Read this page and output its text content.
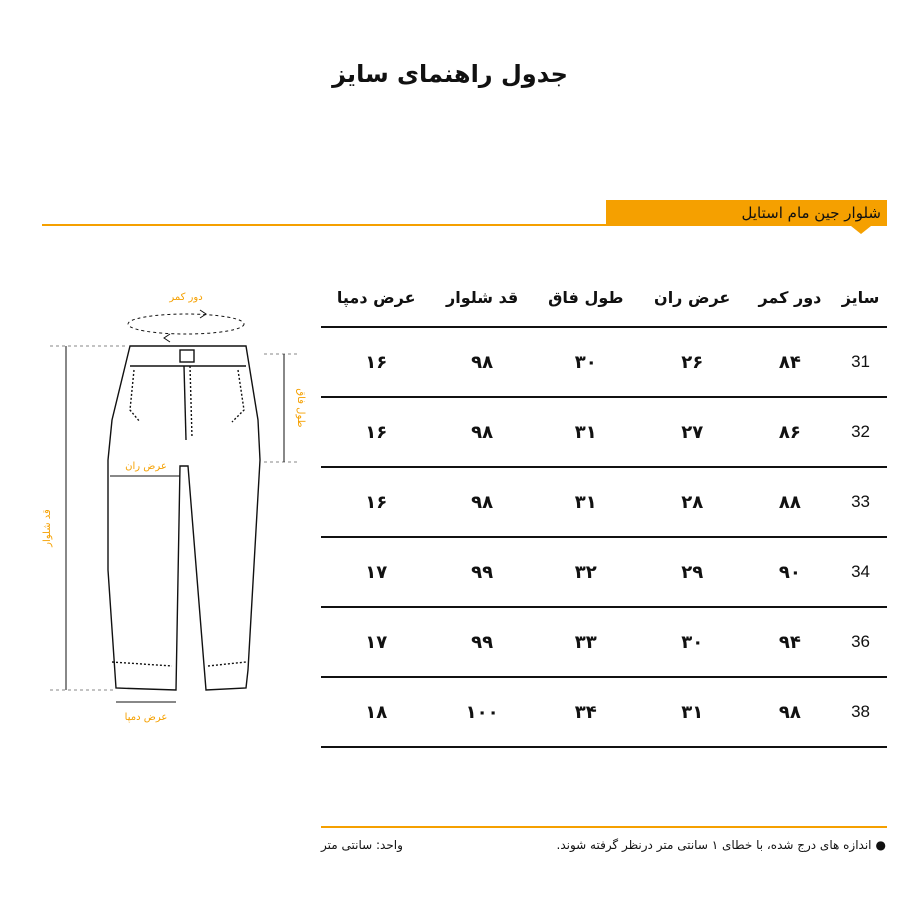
جدول راهنمای سایز
شلوار جین مام استایل
دور کمر
قد شلوار
طول فاق
عرض ران
عرض دمپا
سایز	دور کمر	عرض ران	طول فاق	قد شلوار	عرض دمپا
31	۸۴	۲۶	۳۰	۹۸	۱۶
32	۸۶	۲۷	۳۱	۹۸	۱۶
33	۸۸	۲۸	۳۱	۹۸	۱۶
34	۹۰	۲۹	۳۲	۹۹	۱۷
36	۹۴	۳۰	۳۳	۹۹	۱۷
38	۹۸	۳۱	۳۴	۱۰۰	۱۸
●اندازه های درج شده، با خطای ۱ سانتی متر درنظر گرفته شوند.
واحد: سانتی متر
